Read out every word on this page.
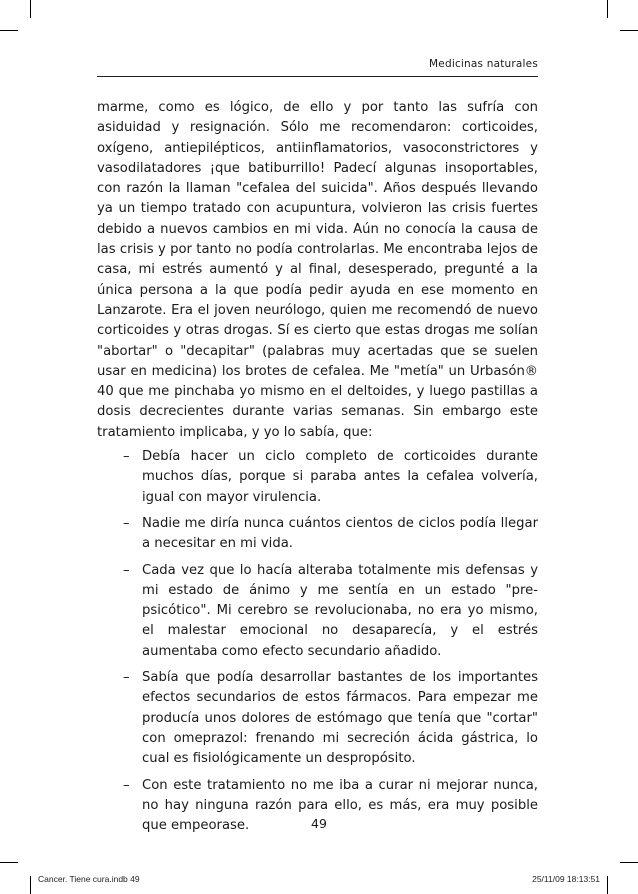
Medicinas naturales

marme, como es lógico, de ello y por tanto las sufría con asiduidad y resignación. Sólo me recomendaron: corticoides, oxígeno, antiepilépticos, antiinflamatorios, vasoconstrictores y vasodilatadores ¡que batiburrillo! Padecí algunas insoportables, con razón la llaman "cefalea del suicida". Años después llevando ya un tiempo tratado con acupuntura, volvieron las crisis fuertes debido a nuevos cambios en mi vida. Aún no conocía la causa de las crisis y por tanto no podía controlarlas. Me encontraba lejos de casa, mi estrés aumentó y al final, desesperado, pregunté a la única persona a la que podía pedir ayuda en ese momento en Lanzarote. Era el joven neurólogo, quien me recomendó de nuevo corticoides y otras drogas. Sí es cierto que estas drogas me solían "abortar" o "decapitar" (palabras muy acertadas que se suelen usar en medicina) los brotes de cefalea. Me "metía" un Urbasón® 40 que me pinchaba yo mismo en el deltoides, y luego pastillas a dosis decrecientes durante varias semanas. Sin embargo este tratamiento implicaba, y yo lo sabía, que:

– Debía hacer un ciclo completo de corticoides durante muchos días, porque si paraba antes la cefalea volvería, igual con mayor virulencia.
– Nadie me diría nunca cuántos cientos de ciclos podía llegar a necesitar en mi vida.
– Cada vez que lo hacía alteraba totalmente mis defensas y mi estado de ánimo y me sentía en un estado "pre-psicótico". Mi cerebro se revolucionaba, no era yo mismo, el malestar emocional no desaparecía, y el estrés aumentaba como efecto secundario añadido.
– Sabía que podía desarrollar bastantes de los importantes efectos secundarios de estos fármacos. Para empezar me producía unos dolores de estómago que tenía que "cortar" con omeprazol: frenando mi secreción ácida gástrica, lo cual es fisiológicamente un despropósito.
– Con este tratamiento no me iba a curar ni mejorar nunca, no hay ninguna razón para ello, es más, era muy posible que empeorase.	49
Cancer. Tiene cura.indb 49	25/11/09 18:13:51
